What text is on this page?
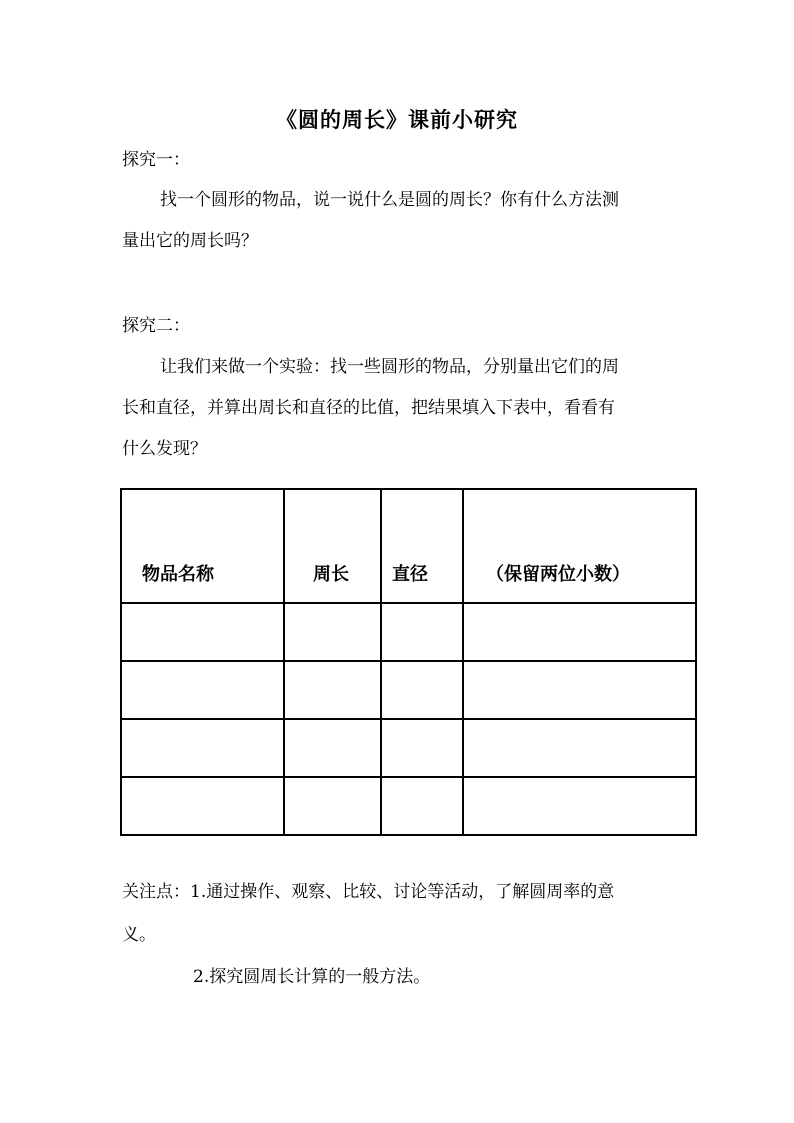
《圆的周长》课前小研究
探究一：
找一个圆形的物品，说一说什么是圆的周长？你有什么方法测
量出它的周长吗？
探究二：
让我们来做一个实验：找一些圆形的物品，分别量出它们的周
长和直径，并算出周长和直径的比值，把结果填入下表中，看看有
什么发现？
物品名称	周长	直径	（保留两位小数）

关注点：1.通过操作、观察、比较、讨论等活动，了解圆周率的意
义。
2.探究圆周长计算的一般方法。
